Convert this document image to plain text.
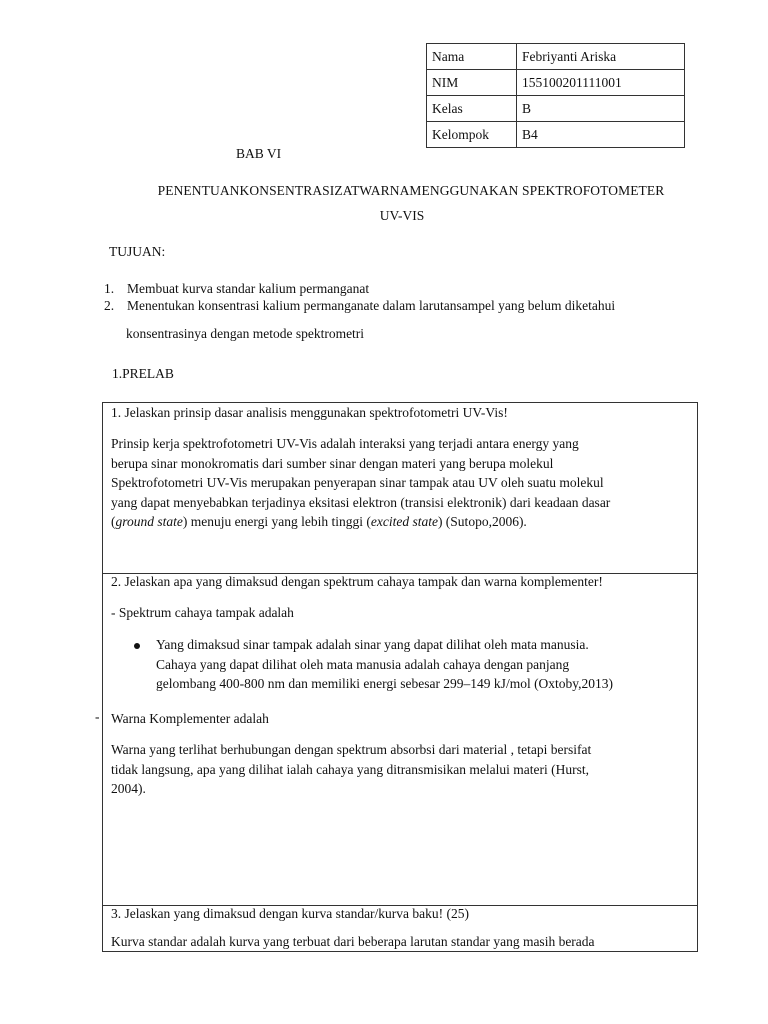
Nama	Febriyanti Ariska
NIM	155100201111001
Kelas	B
Kelompok	B4
BAB VI
PENENTUANKONSENTRASIZATWARNAMENGGUNAKAN SPEKTROFOTOMETER
UV-VIS
TUJUAN:
1. Membuat kurva standar kalium permanganat
2. Menentukan konsentrasi kalium permanganate dalam larutansampel yang belum diketahui
konsentrasinya dengan metode spektrometri
1.PRELAB
1. Jelaskan prinsip dasar analisis menggunakan spektrofotometri UV-Vis!
Prinsip kerja spektrofotometri UV-Vis adalah interaksi yang terjadi antara energy yang
berupa sinar monokromatis dari sumber sinar dengan materi yang berupa molekul
Spektrofotometri UV-Vis merupakan penyerapan sinar tampak atau UV oleh suatu molekul
yang dapat menyebabkan terjadinya eksitasi elektron (transisi elektronik) dari keadaan dasar
(ground state) menuju energi yang lebih tinggi (excited state) (Sutopo,2006).
2. Jelaskan apa yang dimaksud dengan spektrum cahaya tampak dan warna komplementer!
- Spektrum cahaya tampak adalah
Yang dimaksud sinar tampak adalah sinar yang dapat dilihat oleh mata manusia.
Cahaya yang dapat dilihat oleh mata manusia adalah cahaya dengan panjang
gelombang 400-800 nm dan memiliki energi sebesar 299–149 kJ/mol (Oxtoby,2013)
Warna Komplementer adalah
Warna yang terlihat berhubungan dengan spektrum absorbsi dari material , tetapi bersifat
tidak langsung, apa yang dilihat ialah cahaya yang ditransmisikan melalui materi (Hurst,
2004).
3. Jelaskan yang dimaksud dengan kurva standar/kurva baku! (25)
Kurva standar adalah kurva yang terbuat dari beberapa larutan standar yang masih berada
-
